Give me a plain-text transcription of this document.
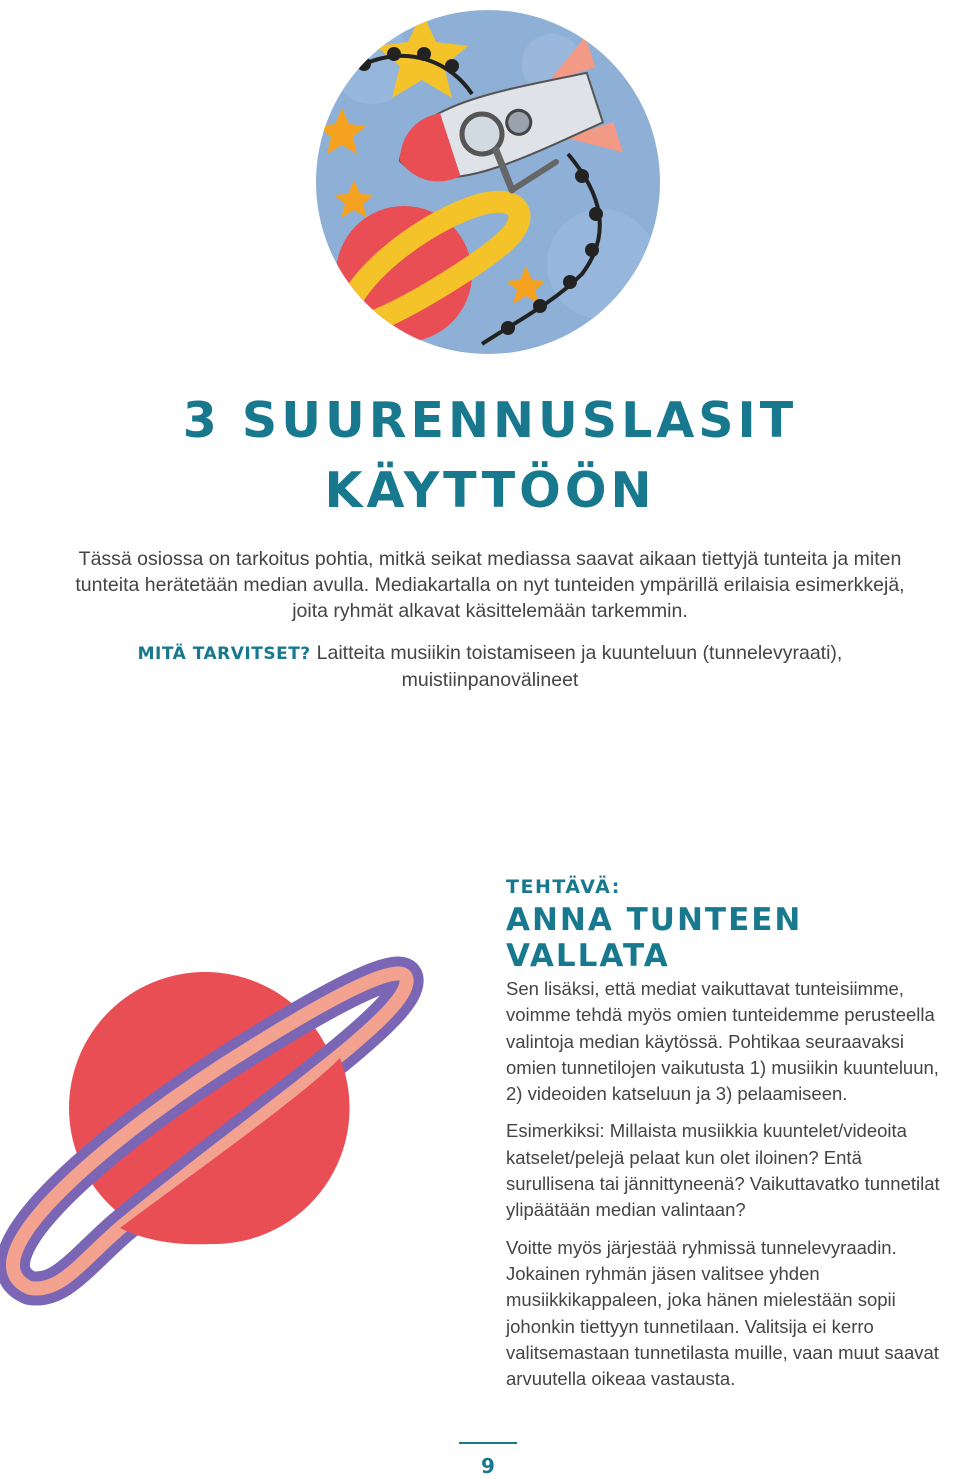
3 SUURENNUSLASIT
KÄYTTÖÖN

Tässä osiossa on tarkoitus pohtia, mitkä seikat mediassa saavat aikaan tiettyjä tunteita ja miten tunteita herätetään median avulla. Mediakartalla on nyt tunteiden ympärillä erilaisia esimerkkejä, joita ryhmät alkavat käsittelemään tarkemmin.

MITÄ TARVITSET? Laitteita musiikin toistamiseen ja kuunteluun (tunnelevyraati), muistiinpanovälineet

TEHTÄVÄ:
ANNA TUNTEEN VALLATA

Sen lisäksi, että mediat vaikuttavat tunteisiimme, voimme tehdä myös omien tunteidemme perusteella valintoja median käytössä. Pohtikaa seuraavaksi omien tunnetilojen vaikutusta 1) musiikin kuunteluun, 2) videoiden katseluun ja 3) pelaamiseen.

Esimerkiksi: Millaista musiikkia kuuntelet/videoita katselet/pelejä pelaat kun olet iloinen? Entä surullisena tai jännittyneenä? Vaikuttavatko tunnetilat ylipäätään median valintaan?

Voitte myös järjestää ryhmissä tunnelevyraadin. Jokainen ryhmän jäsen valitsee yhden musiikkikappaleen, joka hänen mielestään sopii johonkin tiettyyn tunnetilaan. Valitsija ei kerro valitsemastaan tunnetilasta muille, vaan muut saavat arvuutella oikeaa vastausta.

9
